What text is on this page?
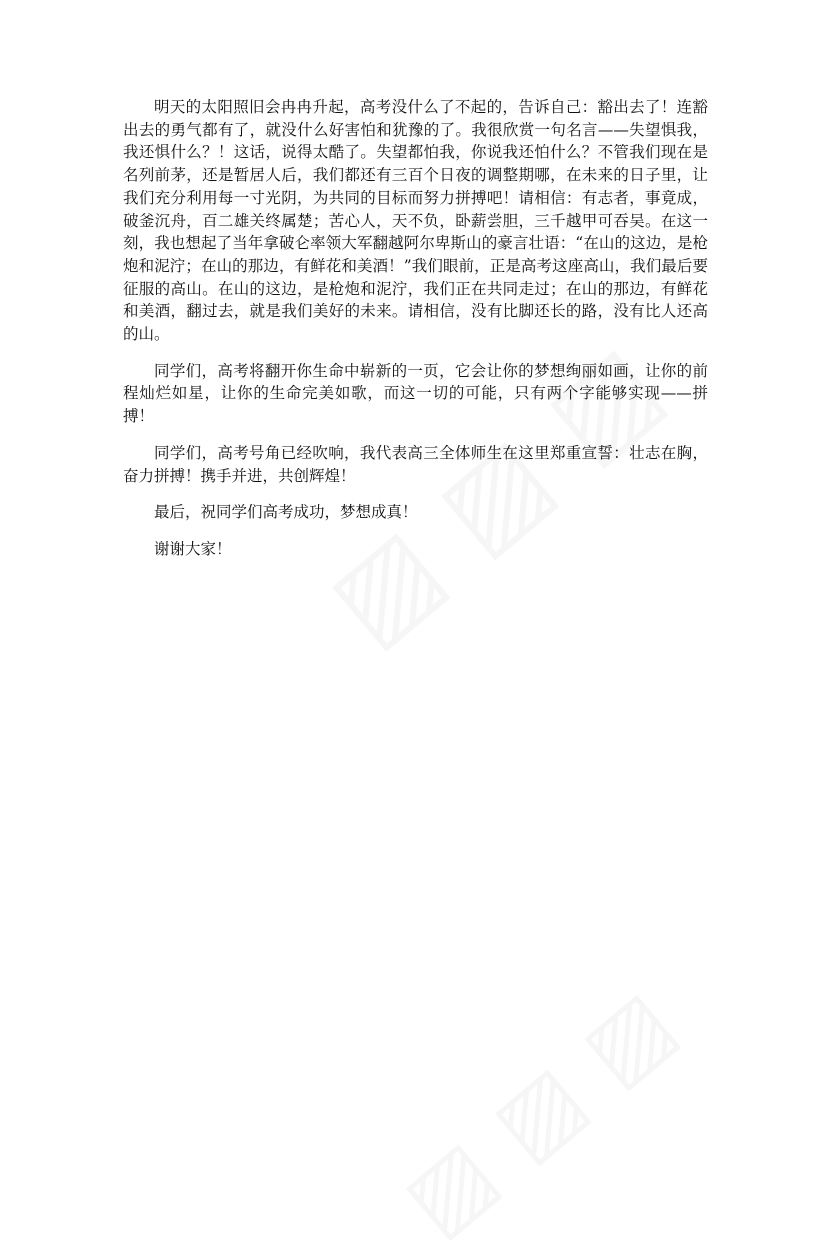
明天的太阳照旧会冉冉升起，高考没什么了不起的，告诉自己：豁出去了！连豁出去的勇气都有了，就没什么好害怕和犹豫的了。我很欣赏一句名言——失望惧我，我还惧什么？！这话，说得太酷了。失望都怕我，你说我还怕什么？不管我们现在是名列前茅，还是暂居人后，我们都还有三百个日夜的调整期哪，在未来的日子里，让我们充分利用每一寸光阴，为共同的目标而努力拼搏吧！请相信：有志者，事竟成，破釜沉舟，百二雄关终属楚；苦心人，天不负，卧薪尝胆，三千越甲可吞吴。在这一刻，我也想起了当年拿破仑率领大军翻越阿尔卑斯山的豪言壮语：“在山的这边，是枪炮和泥泞；在山的那边，有鲜花和美酒！”我们眼前，正是高考这座高山，我们最后要征服的高山。在山的这边，是枪炮和泥泞，我们正在共同走过；在山的那边，有鲜花和美酒，翻过去，就是我们美好的未来。请相信，没有比脚还长的路，没有比人还高的山。

同学们，高考将翻开你生命中崭新的一页，它会让你的梦想绚丽如画，让你的前程灿烂如星，让你的生命完美如歌，而这一切的可能，只有两个字能够实现——拼搏！

同学们，高考号角已经吹响，我代表高三全体师生在这里郑重宣誓：壮志在胸，奋力拼搏！携手并进，共创辉煌！

最后，祝同学们高考成功，梦想成真！

谢谢大家！
